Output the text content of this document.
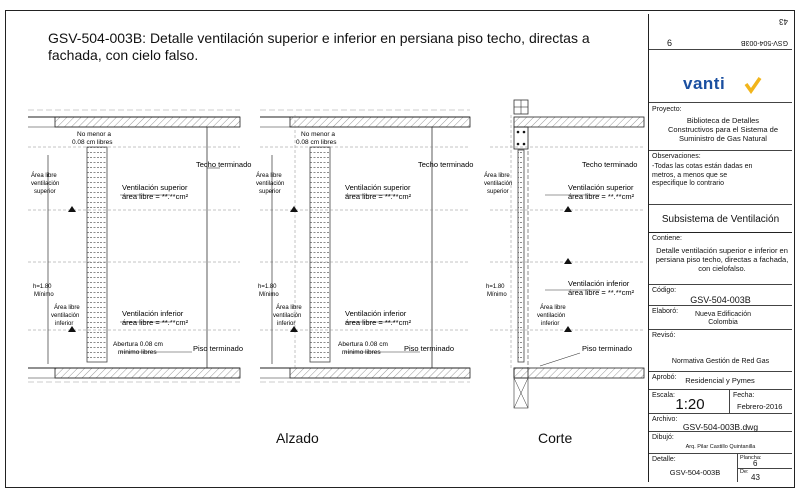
GSV-504-003B: Detalle ventilación superior e inferior en persiana piso techo, directas a fachada, con cielo falso.
No menor a
0.08 cm libres
Techo terminado
Área libre
ventilación
superior	Ventilación superior
área libre = **.**cm²
h=1.80
Mínimo
Área libre
ventilación
inferior
Ventilación inferior
área libre = **.**cm²
Abertura 0.08 cm
mínimo libres	Piso terminado
No menor a
0.08 cm libres
Techo terminado
Área libre
ventilación
superior	Ventilación superior
área libre = **.**cm²
h=1.80
Mínimo
Área libre
ventilación
inferior
Ventilación inferior
área libre = **.**cm²
Abertura 0.08 cm
mínimo libres	Piso terminado
Techo terminado
Área libre
ventilación
superior	Ventilación superior
área libre = **.**cm²
h=1.80
Mínimo
Ventilación inferior
área libre = **.**cm²
Área libre
ventilación
inferior
Piso terminado
Alzado	Corte
GSV-504-003B
43
6
vanti
Proyecto:
Biblioteca de Detalles Constructivos para el Sistema de Suministro de Gas Natural
Observaciones:
-Todas las cotas están dadas en metros, a menos que se especifique lo contrario
Subsistema de Ventilación
Contiene:
Detalle ventilación superior e inferior en persiana piso techo, directas a fachada, con cielofalso.
Código:
GSV-504-003B
Elaboró:	Nueva Edificación Colombia
Revisó:
Normativa Gestión de Red Gas
Aprobó: Residencial y Pymes
Escala:
1:20
Fecha:
Febrero-2016
Archivo:
GSV-504-003B.dwg
Dibujó:
Arq. Pilar Castillo Quintanilla
Detalle:
GSV-504-003B
Plancha:
6
De:
43
